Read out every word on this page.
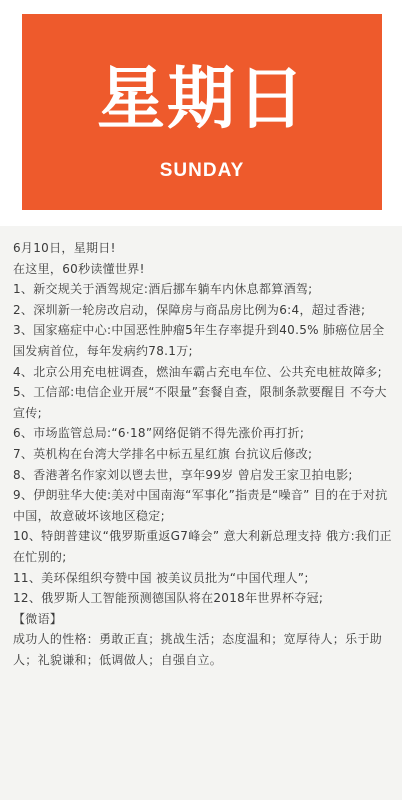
星期日
SUNDAY

6月10日，星期日!

在这里，60秒读懂世界!

1、新交规关于酒驾规定:酒后挪车躺车内休息都算酒驾;

2、深圳新一轮房改启动，保障房与商品房比例为6:4，超过香港;

3、国家癌症中心:中国恶性肿瘤5年生存率提升到40.5% 肺癌位居全国发病首位，每年发病约78.1万;

4、北京公用充电桩调查，燃油车霸占充电车位、公共充电桩故障多;

5、工信部:电信企业开展“不限量”套餐自查，限制条款要醒目 不夸大宣传;

6、市场监管总局:“6·18”网络促销不得先涨价再打折;

7、英机构在台湾大学排名中标五星红旗 台抗议后修改;

8、香港著名作家刘以鬯去世，享年99岁 曾启发王家卫拍电影;

9、伊朗驻华大使:美对中国南海“军事化”指责是“噪音” 目的在于对抗中国，故意破坏该地区稳定;

10、特朗普建议“俄罗斯重返G7峰会” 意大利新总理支持 俄方:我们正在忙别的;

11、美环保组织夸赞中国 被美议员批为“中国代理人”;

12、俄罗斯人工智能预测德国队将在2018年世界杯夺冠;

【微语】

成功人的性格：勇敢正直；挑战生活；态度温和；宽厚待人；乐于助人；礼貌谦和；低调做人；自强自立。
